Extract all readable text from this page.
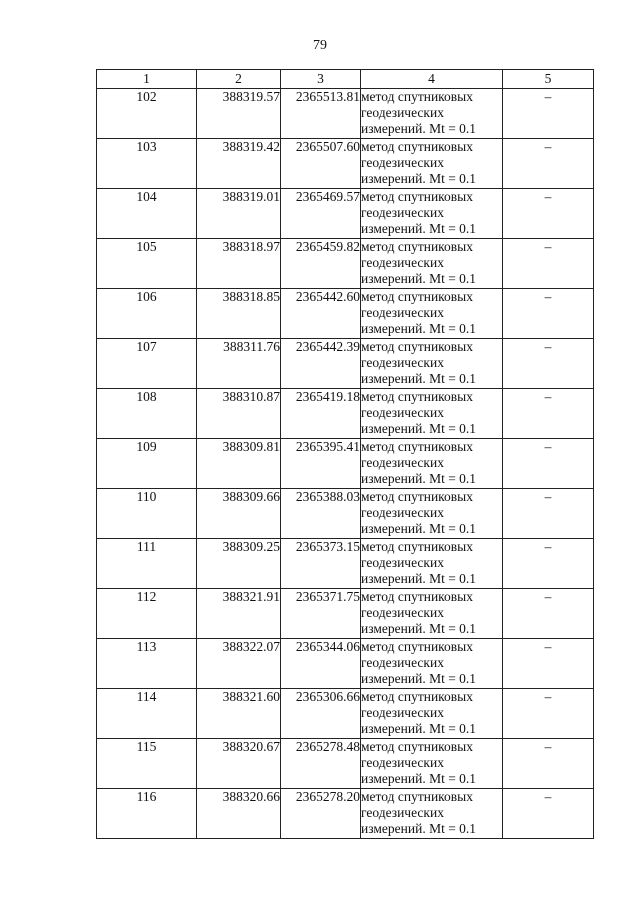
79
1	2	3	4	5
102	388319.57	2365513.81	метод спутниковых
геодезических
измерений. Mt = 0.1	–
103	388319.42	2365507.60	метод спутниковых
геодезических
измерений. Mt = 0.1	–
104	388319.01	2365469.57	метод спутниковых
геодезических
измерений. Mt = 0.1	–
105	388318.97	2365459.82	метод спутниковых
геодезических
измерений. Mt = 0.1	–
106	388318.85	2365442.60	метод спутниковых
геодезических
измерений. Mt = 0.1	–
107	388311.76	2365442.39	метод спутниковых
геодезических
измерений. Mt = 0.1	–
108	388310.87	2365419.18	метод спутниковых
геодезических
измерений. Mt = 0.1	–
109	388309.81	2365395.41	метод спутниковых
геодезических
измерений. Mt = 0.1	–
110	388309.66	2365388.03	метод спутниковых
геодезических
измерений. Mt = 0.1	–
111	388309.25	2365373.15	метод спутниковых
геодезических
измерений. Mt = 0.1	–
112	388321.91	2365371.75	метод спутниковых
геодезических
измерений. Mt = 0.1	–
113	388322.07	2365344.06	метод спутниковых
геодезических
измерений. Mt = 0.1	–
114	388321.60	2365306.66	метод спутниковых
геодезических
измерений. Mt = 0.1	–
115	388320.67	2365278.48	метод спутниковых
геодезических
измерений. Mt = 0.1	–
116	388320.66	2365278.20	метод спутниковых
геодезических
измерений. Mt = 0.1	–
